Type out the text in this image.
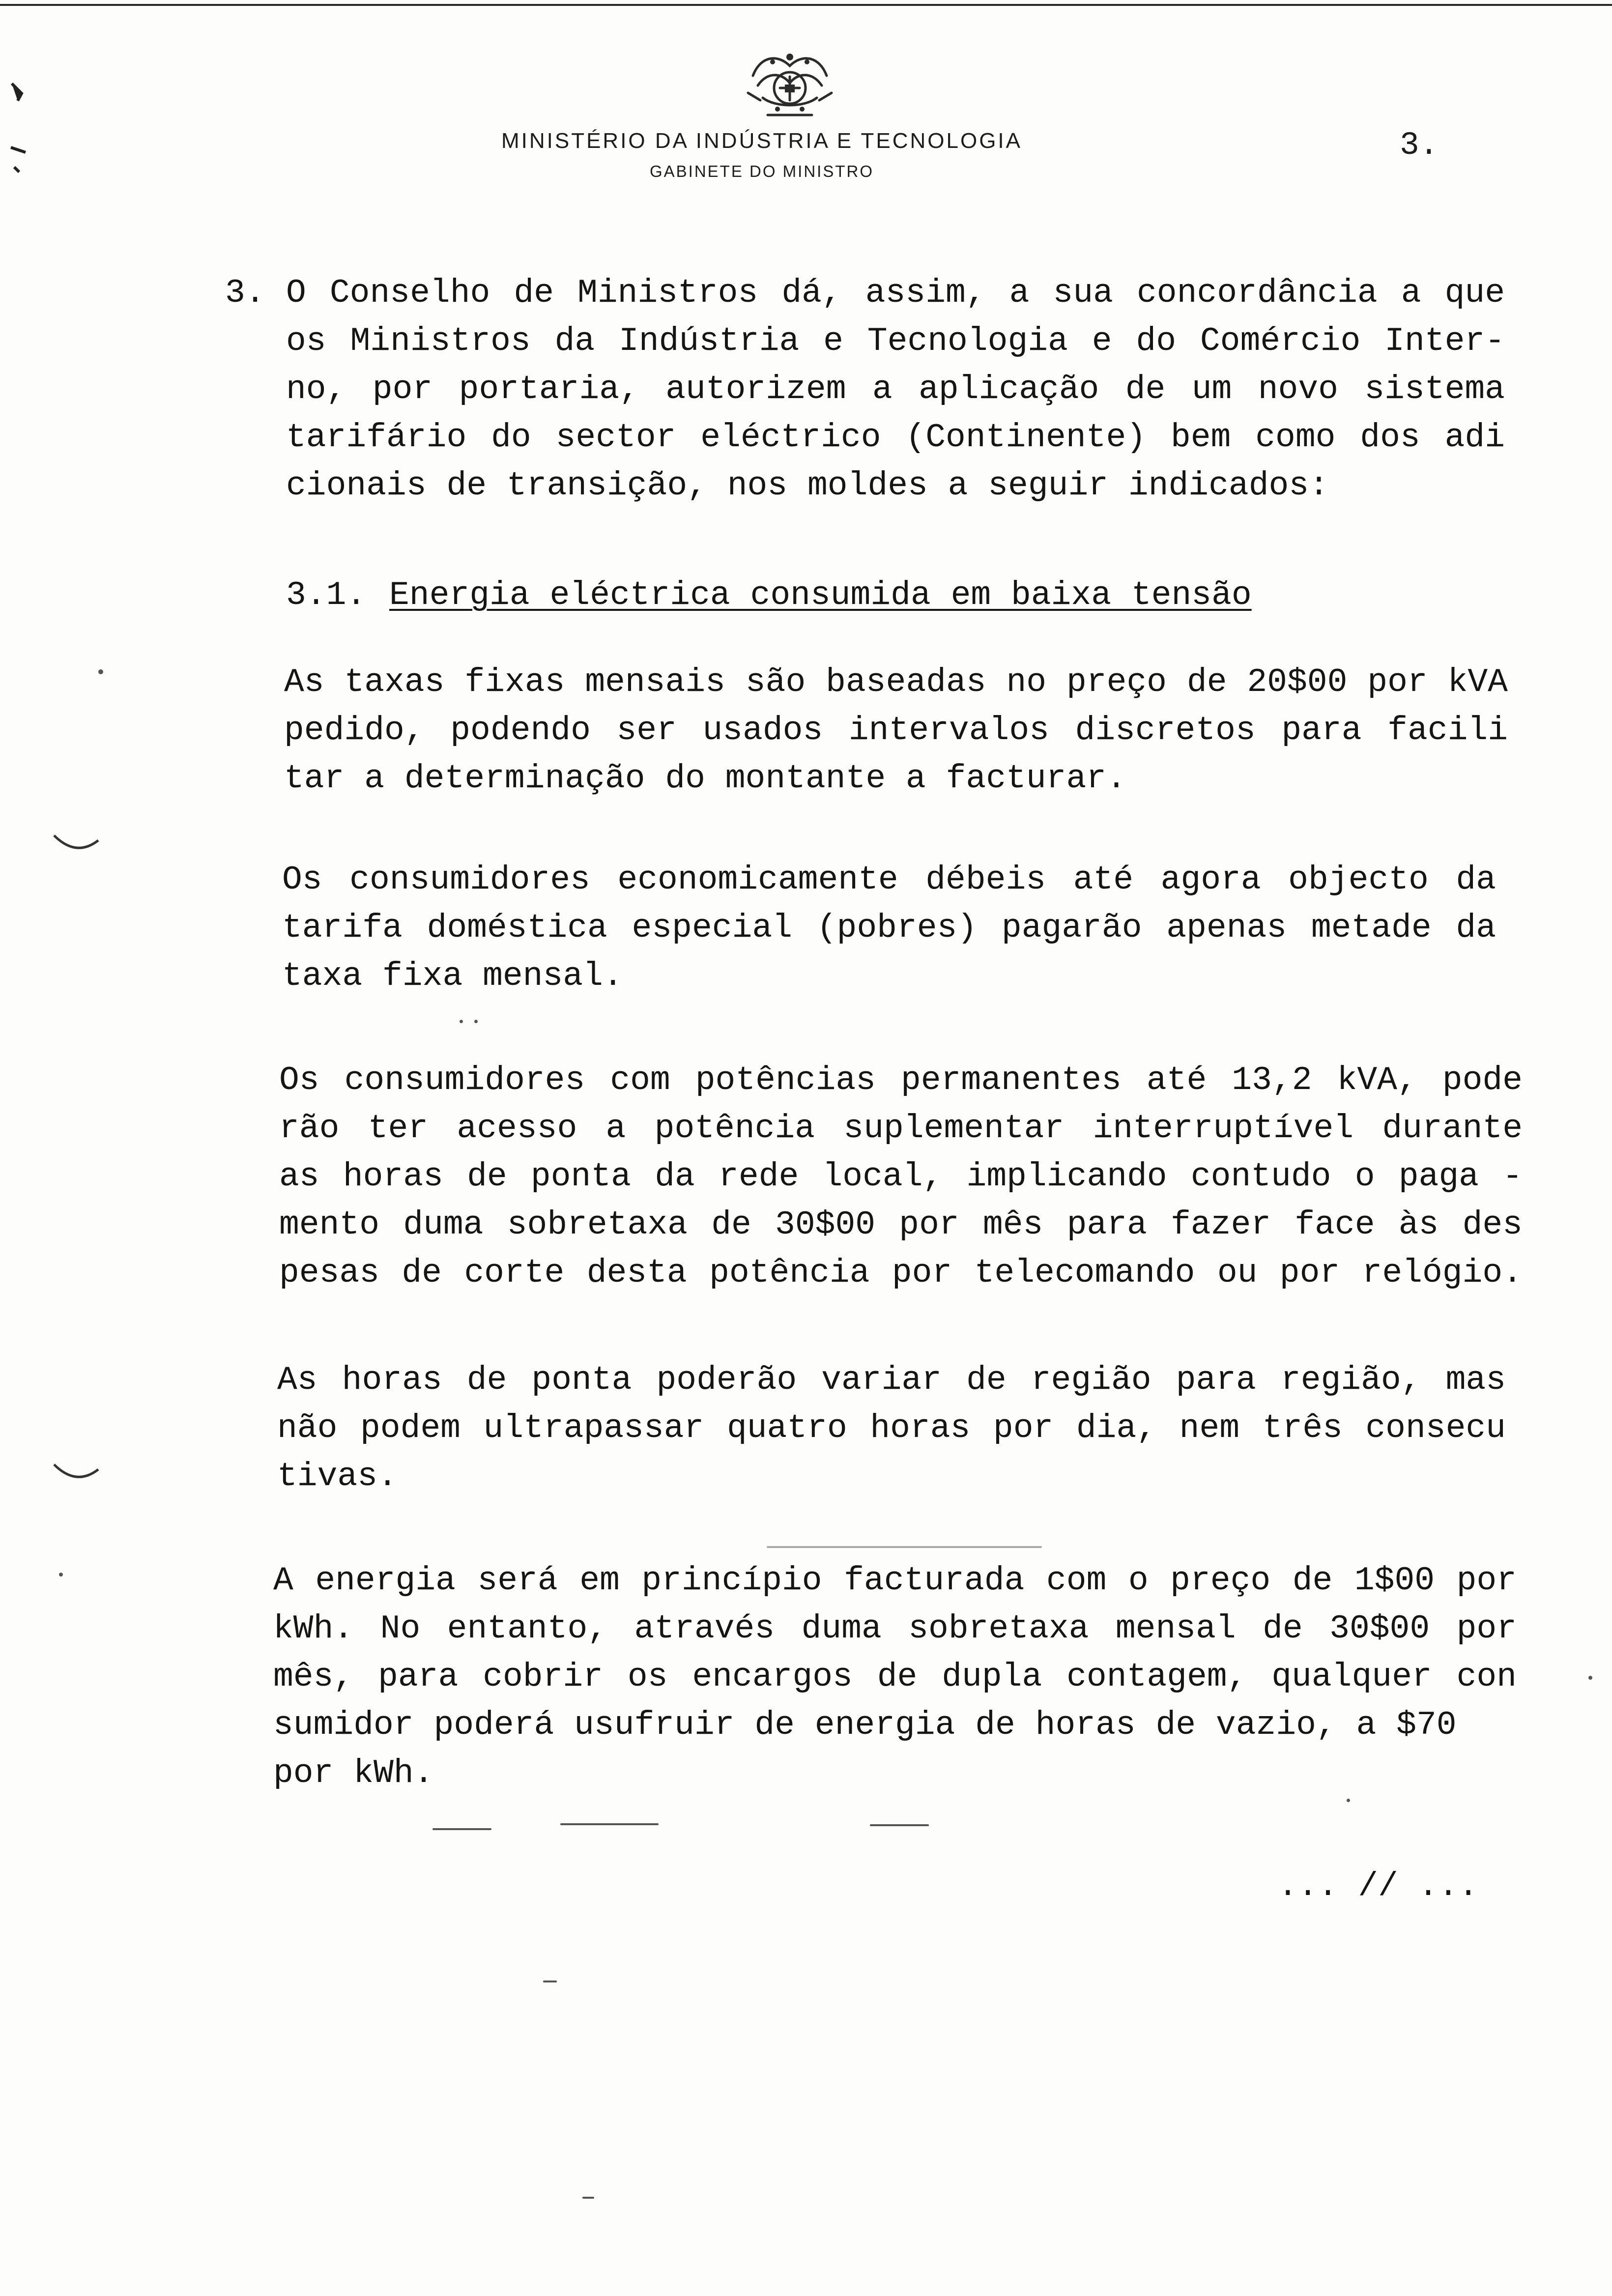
MINISTÉRIO DA INDÚSTRIA E TECNOLOGIA
GABINETE DO MINISTRO
3.
3. O Conselho de Ministros dá, assim, a sua concordância a que
os Ministros da Indústria e Tecnologia e do Comércio Inter-
no, por portaria, autorizem a aplicação de um novo sistema
tarifário do sector eléctrico (Continente) bem como dos adi
cionais de transição, nos moldes a seguir indicados:
3.1. Energia eléctrica consumida em baixa tensão
As taxas fixas mensais são baseadas no preço de 20$00 por kVA
pedido, podendo ser usados intervalos discretos para facili
tar a determinação do montante a facturar.
Os consumidores economicamente débeis até agora objecto da
tarifa doméstica especial (pobres) pagarão apenas metade da
taxa fixa mensal.
Os consumidores com potências permanentes até 13,2 kVA, pode
rão ter acesso a potência suplementar interruptível durante
as horas de ponta da rede local, implicando contudo o paga -
mento duma sobretaxa de 30$00 por mês para fazer face às des
pesas de corte desta potência por telecomando ou por relógio.
As horas de ponta poderão variar de região para região, mas
não podem ultrapassar quatro horas por dia, nem três consecu
tivas.
A energia será em princípio facturada com o preço de 1$00 por
kWh. No entanto, através duma sobretaxa mensal de 30$00 por
mês, para cobrir os encargos de dupla contagem, qualquer con
sumidor poderá usufruir de energia de horas de vazio, a $70
por kWh.
... // ...
